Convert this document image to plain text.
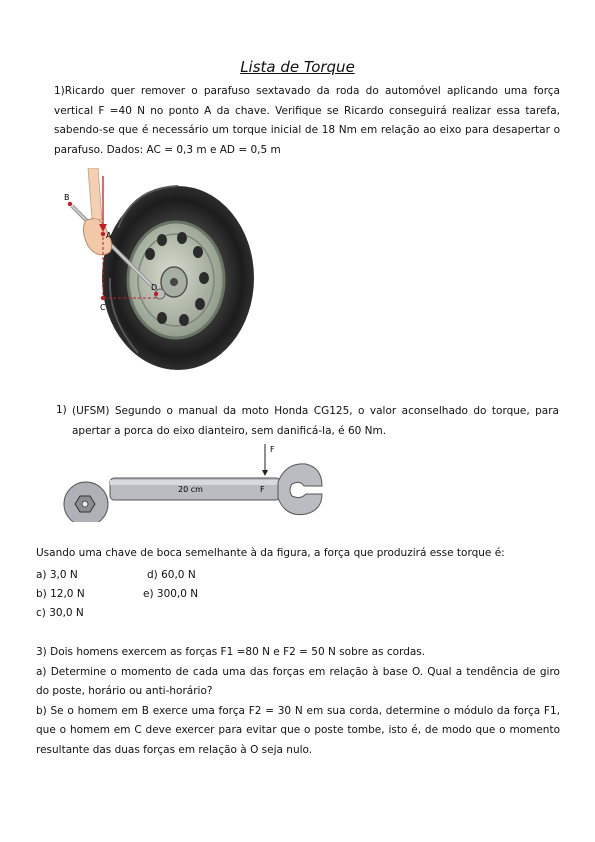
Lista de Torque
1)Ricardo quer remover o parafuso sextavado da roda do automóvel aplicando uma força vertical F =40 N no ponto A da chave. Verifique se Ricardo conseguirá realizar essa tarefa, sabendo-se que é necessário um torque inicial de 18 Nm em relação ao eixo para desapertar o parafuso. Dados: AC = 0,3 m e AD = 0,5 m
B
A
D
C
1) (UFSM) Segundo o manual da moto Honda CG125, o valor aconselhado do torque, para apertar a porca do eixo dianteiro, sem danificá-la, é 60 Nm.
F
F
20 cm
Usando uma chave de boca semelhante à da figura, a força que produzirá esse torque é:
a) 3,0 N	d) 60,0 N
b) 12,0 N	e) 300,0 N
c) 30,0 N
3) Dois homens exercem as forças F1 =80 N e F2 = 50 N sobre as cordas.
a) Determine o momento de cada uma das forças em relação à base O. Qual a tendência de giro do poste, horário ou anti-horário?
b) Se o homem em B exerce uma força F2 = 30 N em sua corda, determine o módulo da força F1, que o homem em C deve exercer para evitar que o poste tombe, isto é, de modo que o momento resultante das duas forças em relação à O seja nulo.
